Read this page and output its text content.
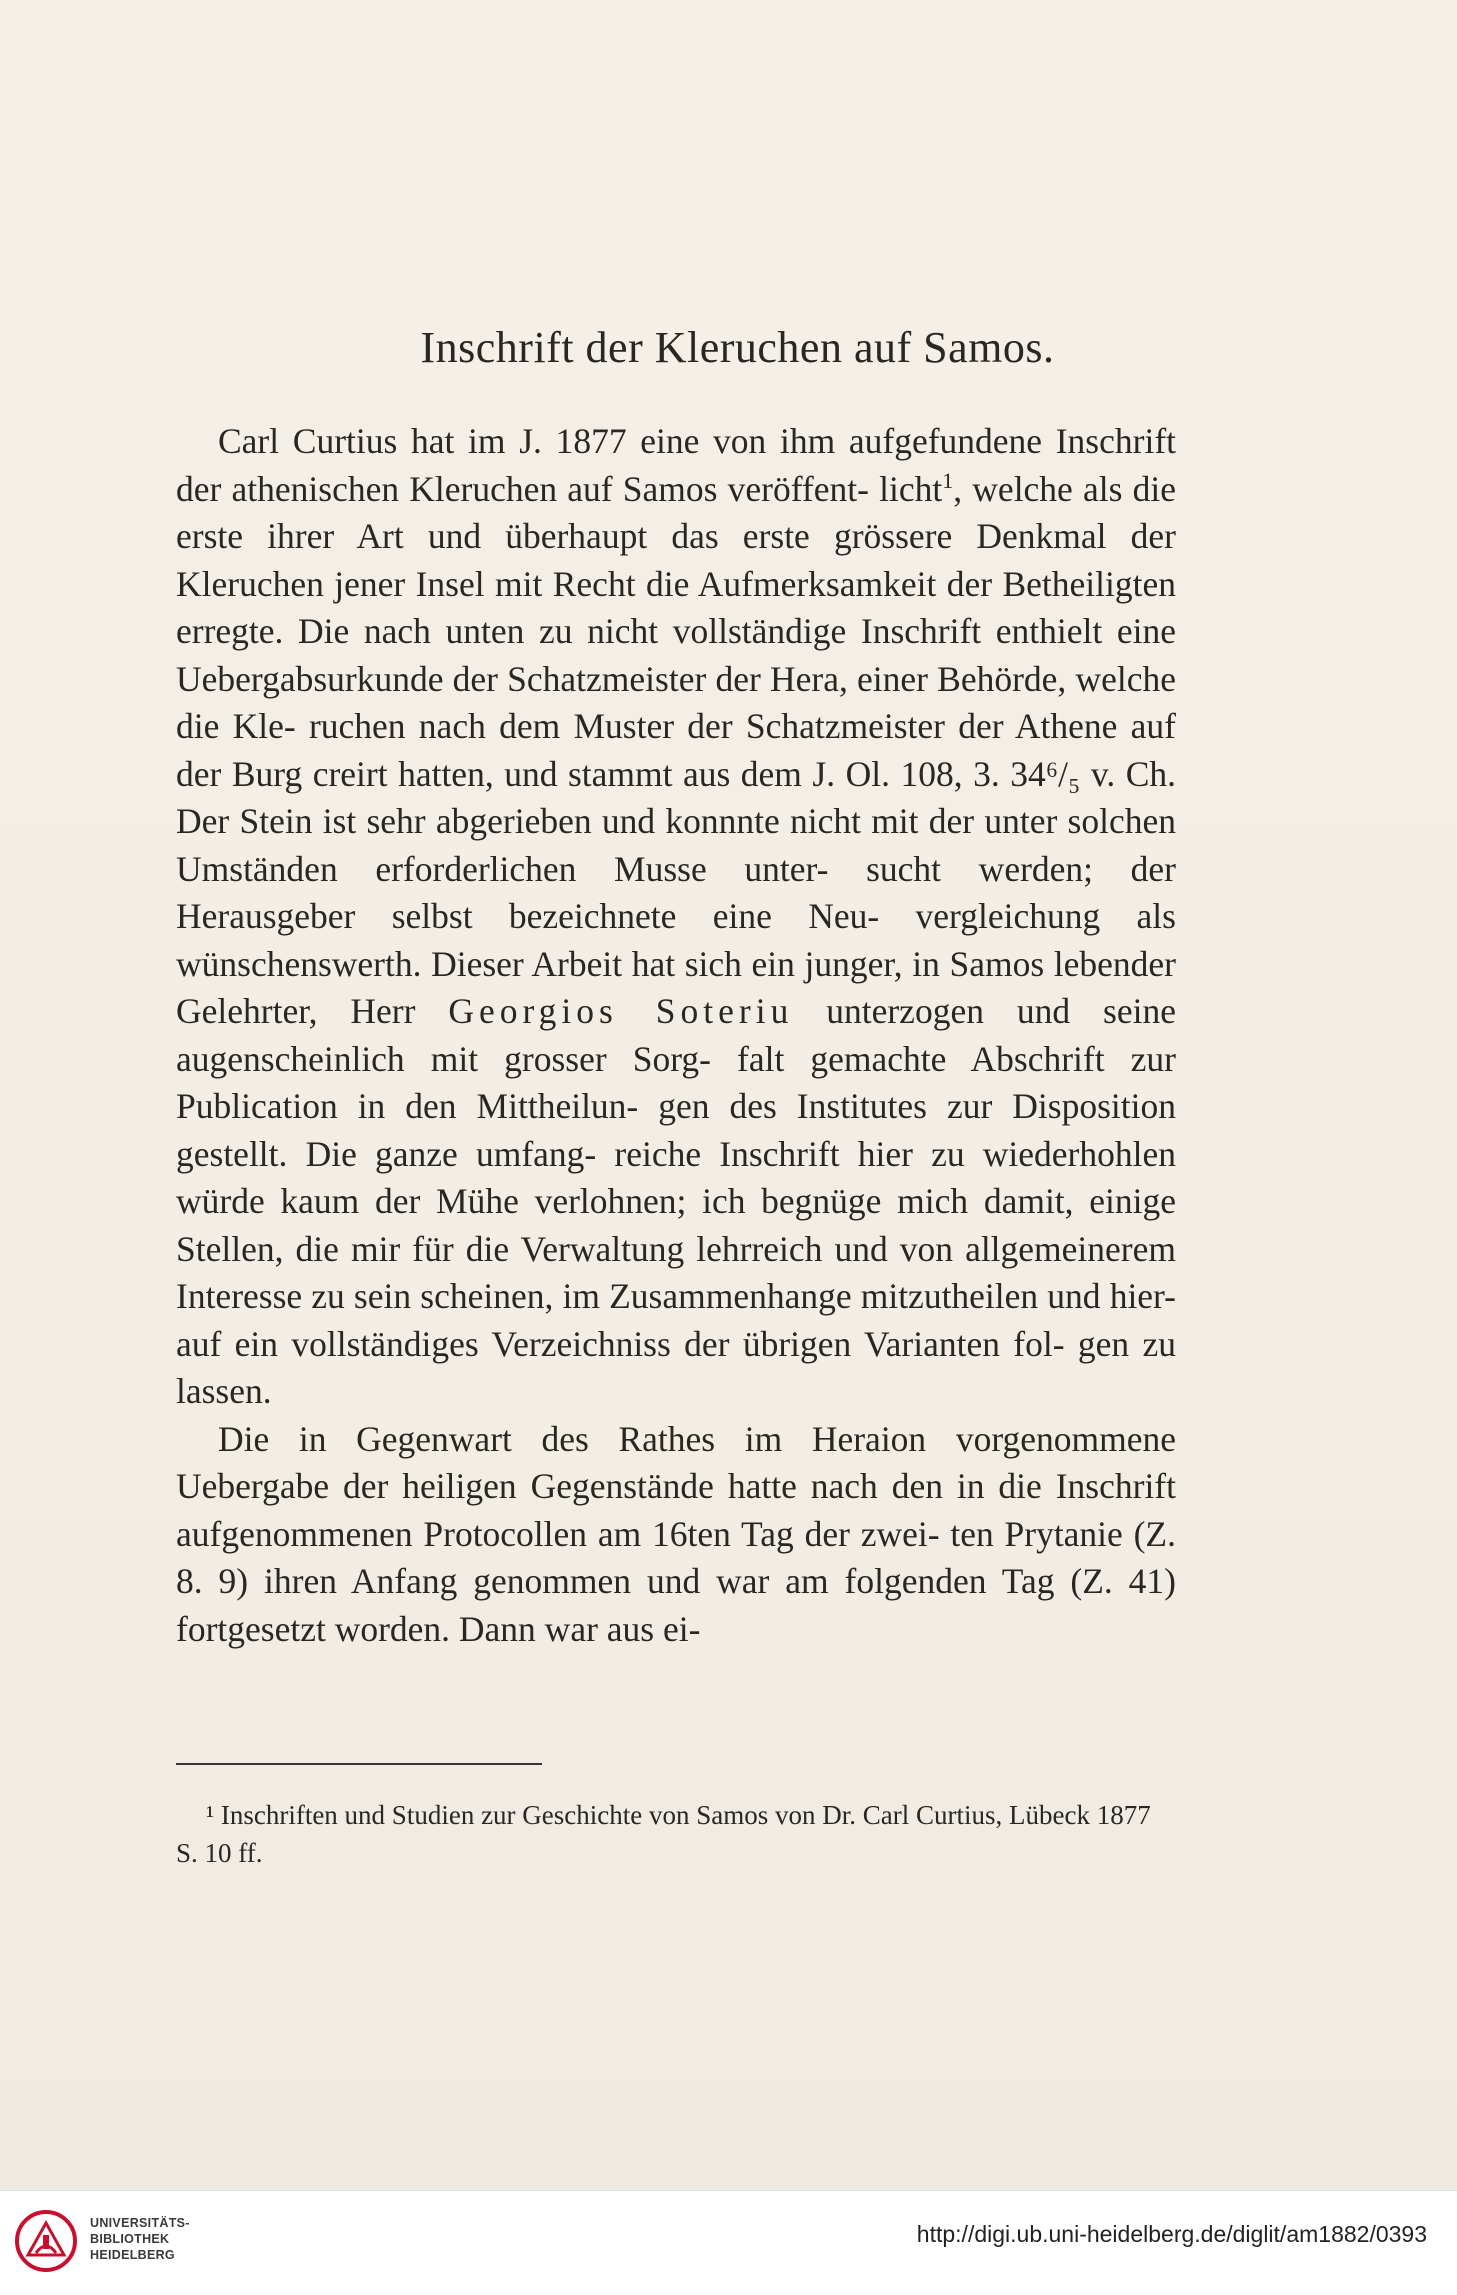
Inschrift der Kleruchen auf Samos.

Carl Curtius hat im J. 1877 eine von ihm aufgefundene Inschrift der athenischen Kleruchen auf Samos veröffent- licht$^1$, welche als die erste ihrer Art und überhaupt das erste grössere Denkmal der Kleruchen jener Insel mit Recht die Aufmerksamkeit der Betheiligten erregte. Die nach unten zu nicht vollständige Inschrift enthielt eine Uebergabsurkunde der Schatzmeister der Hera, einer Behörde, welche die Kle- ruchen nach dem Muster der Schatzmeister der Athene auf der Burg creirt hatten, und stammt aus dem J. Ol. 108, 3. 34⁶/₅ v. Ch. Der Stein ist sehr abgerieben und konnnte nicht mit der unter solchen Umständen erforderlichen Musse unter- sucht werden; der Herausgeber selbst bezeichnete eine Neu- vergleichung als wünschenswerth. Dieser Arbeit hat sich ein junger, in Samos lebender Gelehrter, Herr Georgios Soteriu unterzogen und seine augenscheinlich mit grosser Sorg- falt gemachte Abschrift zur Publication in den Mittheilun- gen des Institutes zur Disposition gestellt. Die ganze umfang- reiche Inschrift hier zu wiederhohlen würde kaum der Mühe verlohnen; ich begnüge mich damit, einige Stellen, die mir für die Verwaltung lehrreich und von allgemeinerem Interesse zu sein scheinen, im Zusammenhange mitzutheilen und hier- auf ein vollständiges Verzeichniss der übrigen Varianten fol- gen zu lassen.

Die in Gegenwart des Rathes im Heraion vorgenommene Uebergabe der heiligen Gegenstände hatte nach den in die Inschrift aufgenommenen Protocollen am 16ten Tag der zwei- ten Prytanie (Z. 8. 9) ihren Anfang genommen und war am folgenden Tag (Z. 41) fortgesetzt worden. Dann war aus ei-

¹ Inschriften und Studien zur Geschichte von Samos von Dr. Carl Curtius, Lübeck 1877 S. 10 ff.

UNIVERSITÄTS-
BIBLIOTHEK
HEIDELBERG
http://digi.ub.uni-heidelberg.de/diglit/am1882/0393
